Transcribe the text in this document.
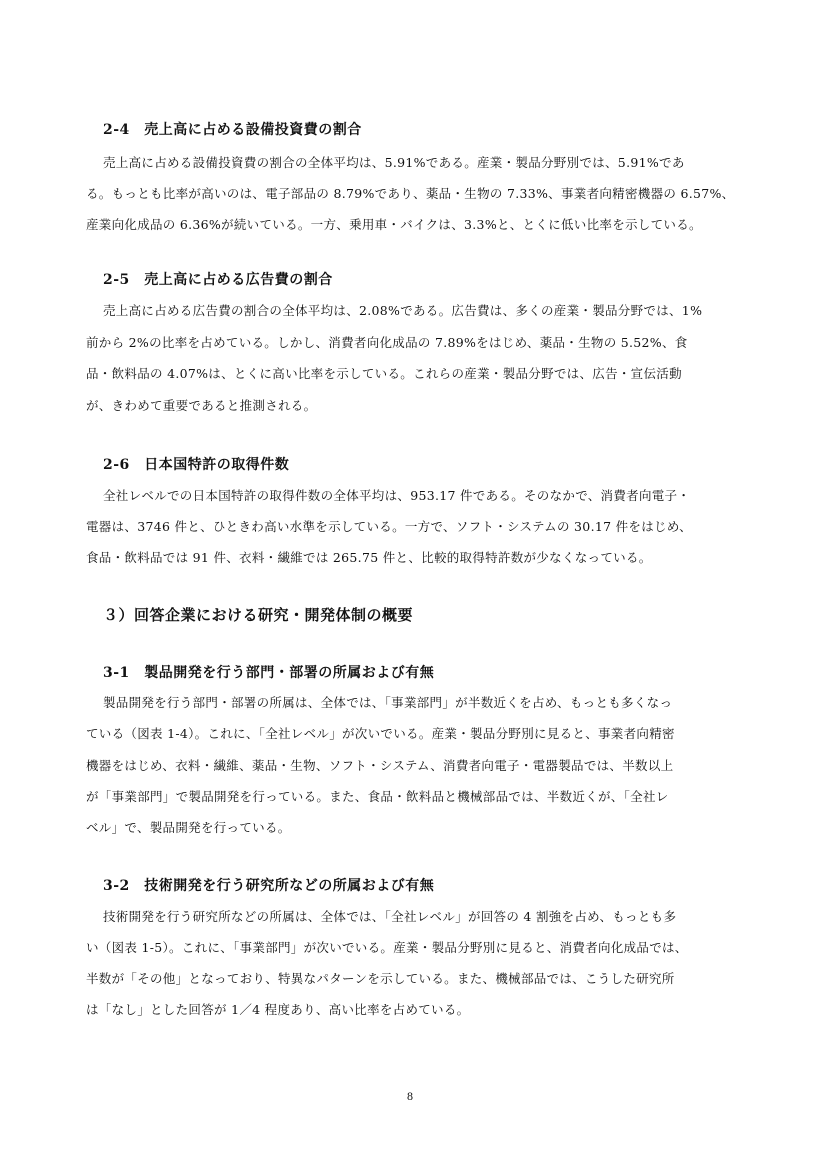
2-4　売上高に占める設備投資費の割合
売上高に占める設備投資費の割合の全体平均は、5.91%である。産業・製品分野別では、5.91%であ
る。もっとも比率が高いのは、電子部品の 8.79%であり、薬品・生物の 7.33%、事業者向精密機器の 6.57%、
産業向化成品の 6.36%が続いている。一方、乗用車・バイクは、3.3%と、とくに低い比率を示している。
2-5　売上高に占める広告費の割合
売上高に占める広告費の割合の全体平均は、2.08%である。広告費は、多くの産業・製品分野では、1%
前から 2%の比率を占めている。しかし、消費者向化成品の 7.89%をはじめ、薬品・生物の 5.52%、食
品・飲料品の 4.07%は、とくに高い比率を示している。これらの産業・製品分野では、広告・宣伝活動
が、きわめて重要であると推測される。
2-6　日本国特許の取得件数
全社レベルでの日本国特許の取得件数の全体平均は、953.17 件である。そのなかで、消費者向電子・
電器は、3746 件と、ひときわ高い水準を示している。一方で、ソフト・システムの 30.17 件をはじめ、
食品・飲料品では 91 件、衣料・繊維では 265.75 件と、比較的取得特許数が少なくなっている。
３）回答企業における研究・開発体制の概要
3-1　製品開発を行う部門・部署の所属および有無
製品開発を行う部門・部署の所属は、全体では、「事業部門」が半数近くを占め、もっとも多くなっ
ている（図表 1-4）。これに、「全社レベル」が次いでいる。産業・製品分野別に見ると、事業者向精密
機器をはじめ、衣料・繊維、薬品・生物、ソフト・システム、消費者向電子・電器製品では、半数以上
が「事業部門」で製品開発を行っている。また、食品・飲料品と機械部品では、半数近くが、「全社レ
ベル」で、製品開発を行っている。
3-2　技術開発を行う研究所などの所属および有無
技術開発を行う研究所などの所属は、全体では、「全社レベル」が回答の 4 割強を占め、もっとも多
い（図表 1-5）。これに、「事業部門」が次いでいる。産業・製品分野別に見ると、消費者向化成品では、
半数が「その他」となっており、特異なパターンを示している。また、機械部品では、こうした研究所
は「なし」とした回答が 1／4 程度あり、高い比率を占めている。
8
